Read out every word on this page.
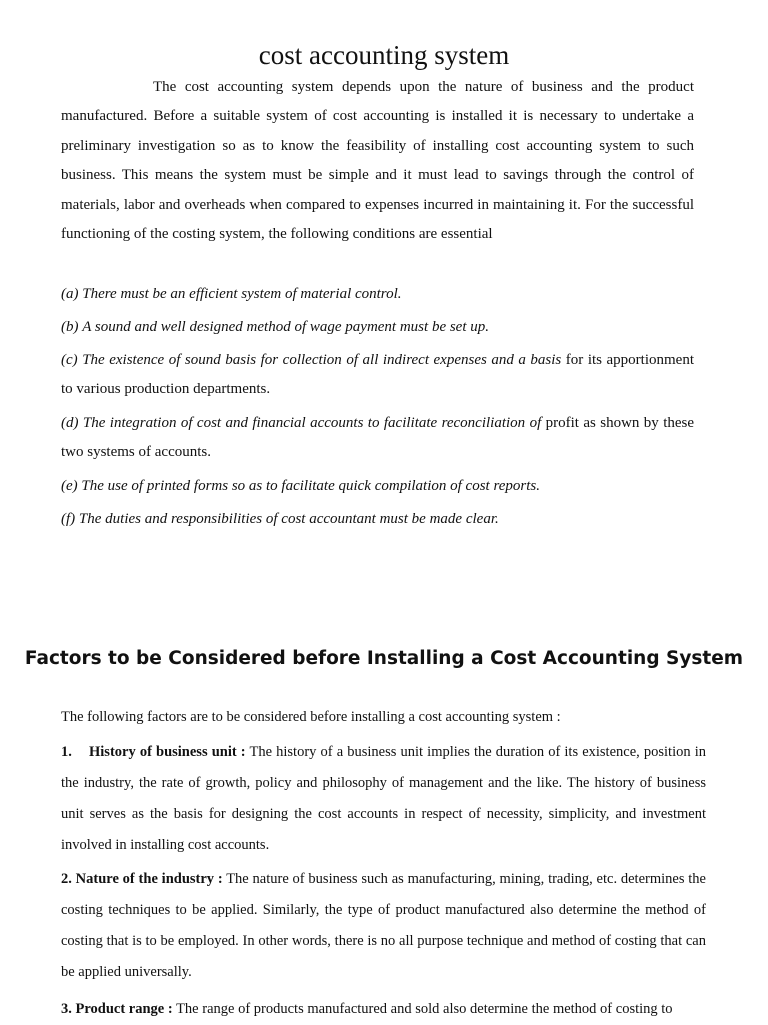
cost accounting system

The cost accounting system depends upon the nature of business and the product manufactured. Before a suitable system of cost accounting is installed it is necessary to undertake a preliminary investigation so as to know the feasibility of installing cost accounting system to such business. This means the system must be simple and it must lead to savings through the control of materials, labor and overheads when compared to expenses incurred in maintaining it. For the successful functioning of the costing system, the following conditions are essential

(a) There must be an efficient system of material control.

(b) A sound and well designed method of wage payment must be set up.

(c) The existence of sound basis for collection of all indirect expenses and a basis for its apportionment to various production departments.

(d) The integration of cost and financial accounts to facilitate reconciliation of profit as shown by these two systems of accounts.

(e) The use of printed forms so as to facilitate quick compilation of cost reports.

(f) The duties and responsibilities of cost accountant must be made clear.

Factors to be Considered before Installing a Cost Accounting System

The following factors are to be considered before installing a cost accounting system :

1. History of business unit : The history of a business unit implies the duration of its existence, position in the industry, the rate of growth, policy and philosophy of management and the like. The history of business unit serves as the basis for designing the cost accounts in respect of necessity, simplicity, and investment involved in installing cost accounts.

2. Nature of the industry : The nature of business such as manufacturing, mining, trading, etc. determines the costing techniques to be applied. Similarly, the type of product manufactured also determine the method of costing that is to be employed. In other words, there is no all purpose technique and method of costing that can be applied universally.

3. Product range : The range of products manufactured and sold also determine the method of costing to
